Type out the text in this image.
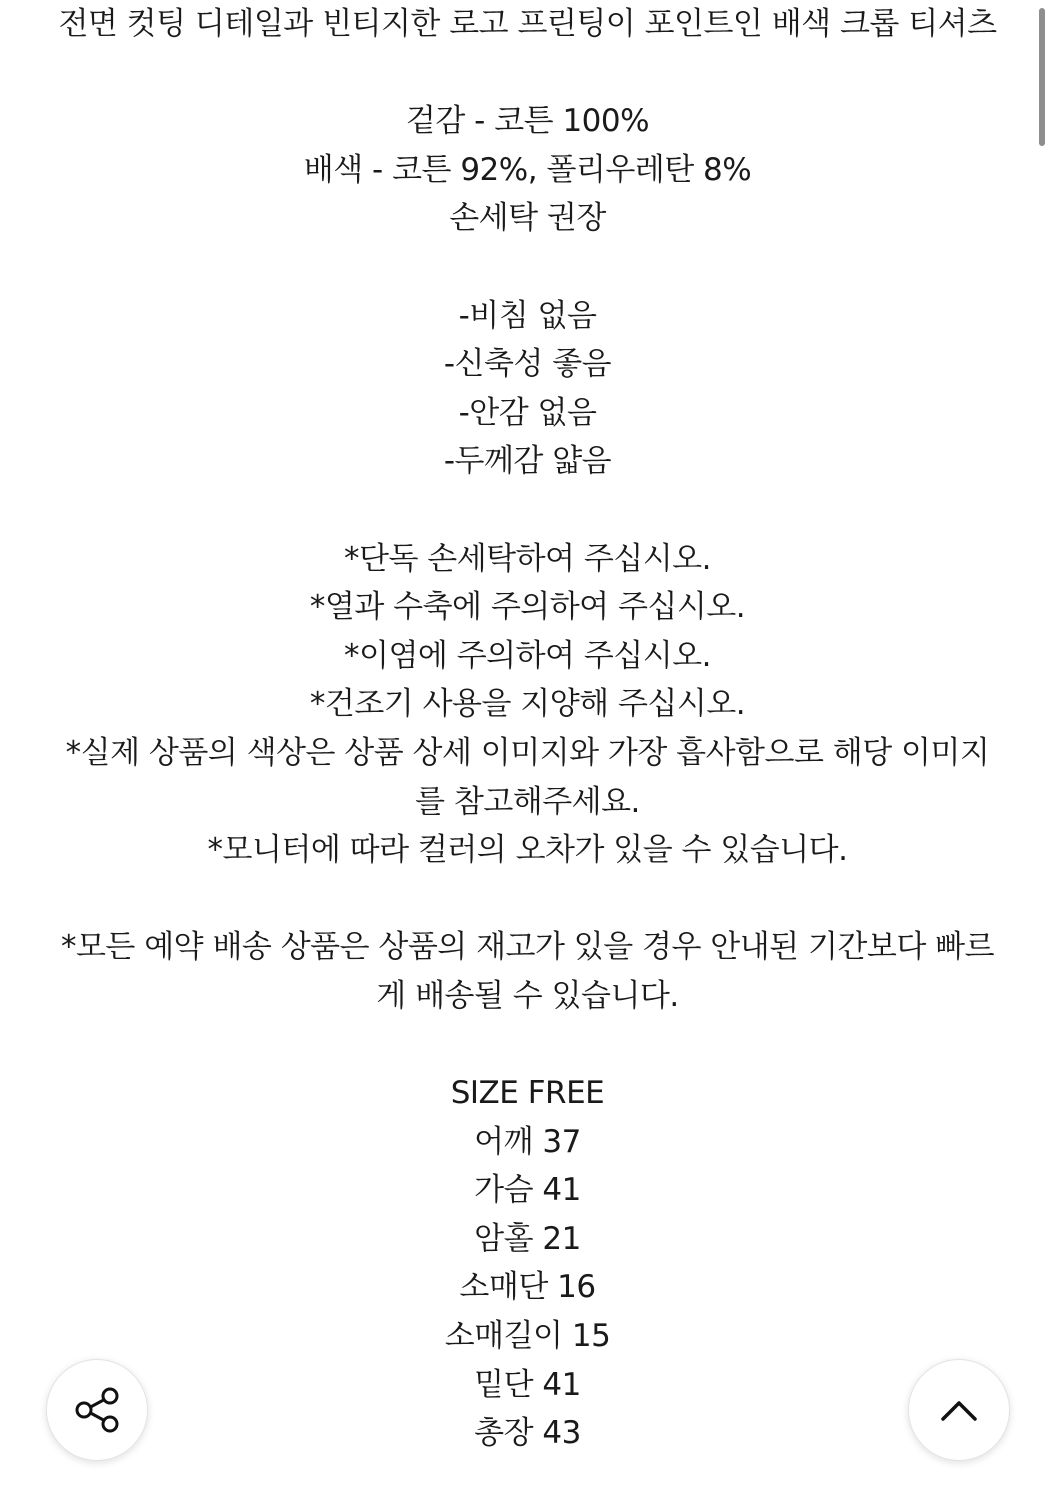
전면 컷팅 디테일과 빈티지한 로고 프린팅이 포인트인 배색 크롭 티셔츠
겉감 - 코튼 100%
배색 - 코튼 92%, 폴리우레탄 8%
손세탁 권장
-비침 없음
-신축성 좋음
-안감 없음
-두께감 얇음
*단독 손세탁하여 주십시오.
*열과 수축에 주의하여 주십시오.
*이염에 주의하여 주십시오.
*건조기 사용을 지양해 주십시오.
*실제 상품의 색상은 상품 상세 이미지와 가장 흡사함으로 해당 이미지
를 참고해주세요.
*모니터에 따라 컬러의 오차가 있을 수 있습니다.
*모든 예약 배송 상품은 상품의 재고가 있을 경우 안내된 기간보다 빠르
게 배송될 수 있습니다.
SIZE FREE
어깨 37
가슴 41
암홀 21
소매단 16
소매길이 15
밑단 41
총장 43
